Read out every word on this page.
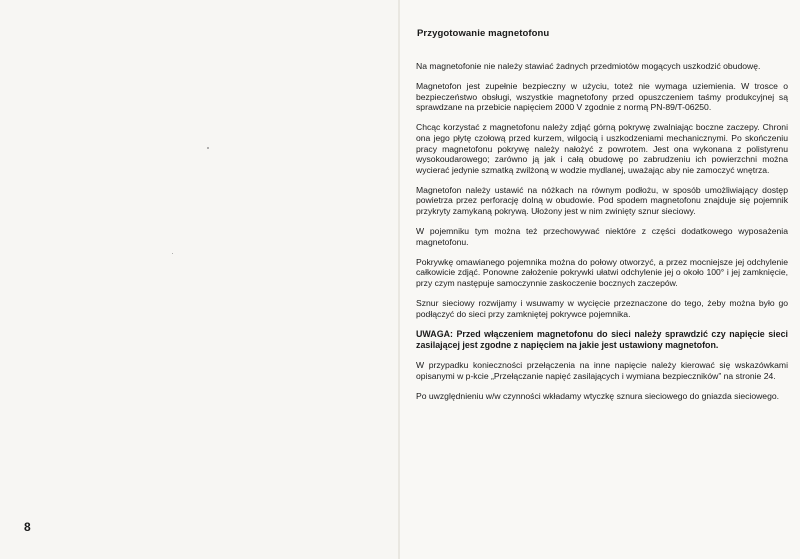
8
Przygotowanie magnetofonu

Na magnetofonie nie należy stawiać żadnych przedmiotów mogących uszkodzić obudowę.

Magnetofon jest zupełnie bezpieczny w użyciu, toteż nie wymaga uziemienia. W trosce o bezpieczeństwo obsługi, wszystkie magnetofony przed opuszczeniem taśmy produkcyjnej są sprawdzane na przebicie napięciem 2000 V zgodnie z normą PN-89/T-06250.

Chcąc korzystać z magnetofonu należy zdjąć górną pokrywę zwalniając boczne zaczepy. Chroni ona jego płytę czołową przed kurzem, wilgocią i uszkodzeniami mechanicznymi. Po skończeniu pracy magnetofonu pokrywę należy nałożyć z powrotem. Jest ona wykonana z polistyrenu wysokoudarowego; zarówno ją jak i całą obudowę po zabrudzeniu ich powierzchni można wycierać jedynie szmatką zwilżoną w wodzie mydlanej, uważając aby nie zamoczyć wnętrza.

Magnetofon należy ustawić na nóżkach na równym podłożu, w sposób umożliwiający dostęp powietrza przez perforację dolną w obudowie. Pod spodem magnetofonu znajduje się pojemnik przykryty zamykaną pokrywą. Ułożony jest w nim zwinięty sznur sieciowy.

W pojemniku tym można też przechowywać niektóre z części dodatkowego wyposażenia magnetofonu.

Pokrywkę omawianego pojemnika można do połowy otworzyć, a przez mocniejsze jej odchylenie całkowicie zdjąć. Ponowne założenie pokrywki ułatwi odchylenie jej o około 100° i jej zamknięcie, przy czym następuje samoczynnie zaskoczenie bocznych zaczepów.

Sznur sieciowy rozwijamy i wsuwamy w wycięcie przeznaczone do tego, żeby można było go podłączyć do sieci przy zamkniętej pokrywce pojemnika.

UWAGA: Przed włączeniem magnetofonu do sieci należy sprawdzić czy napięcie sieci zasilającej jest zgodne z napięciem na jakie jest ustawiony magnetofon.

W przypadku konieczności przełączenia na inne napięcie należy kierować się wskazówkami opisanymi w p-kcie „Przełączanie napięć zasilających i wymiana bezpieczników” na stronie 24.

Po uwzględnieniu w/w czynności wkładamy wtyczkę sznura sieciowego do gniazda sieciowego.
